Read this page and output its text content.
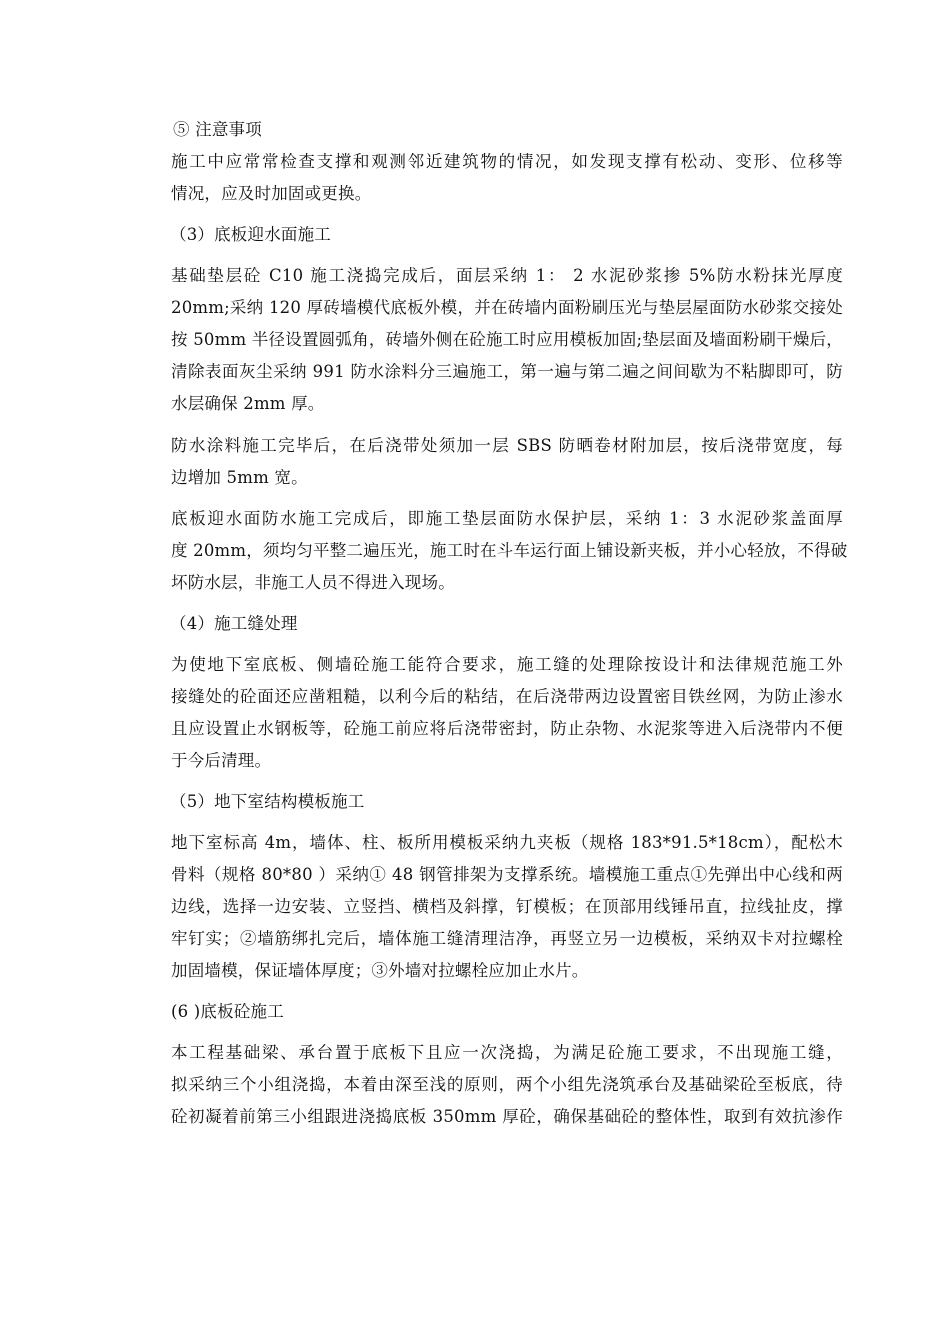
⑤ 注意事项
施工中应常常检查支撑和观测邻近建筑物的情况，如发现支撑有松动、变形、位移等
情况，应及时加固或更换。
（3）底板迎水面施工
基础垫层砼 C10 施工浇捣完成后，面层采纳 1： 2 水泥砂浆掺 5%防水粉抹光厚度
20mm;采纳 120 厚砖墙模代底板外模，并在砖墙内面粉刷压光与垫层屋面防水砂浆交接处
按 50mm 半径设置圆弧角，砖墙外侧在砼施工时应用模板加固;垫层面及墙面粉刷干燥后，
清除表面灰尘采纳 991 防水涂料分三遍施工，第一遍与第二遍之间间歇为不粘脚即可，防
水层确保 2mm 厚。
防水涂料施工完毕后，在后浇带处须加一层 SBS 防晒卷材附加层，按后浇带宽度，每
边增加 5mm 宽。
底板迎水面防水施工完成后，即施工垫层面防水保护层，采纳 1：3 水泥砂浆盖面厚
度 20mm，须均匀平整二遍压光，施工时在斗车运行面上铺设新夹板，并小心轻放，不得破
坏防水层，非施工人员不得进入现场。
（4）施工缝处理
为使地下室底板、侧墙砼施工能符合要求，施工缝的处理除按设计和法律规范施工外
接缝处的砼面还应凿粗糙，以利今后的粘结，在后浇带两边设置密目铁丝网，为防止渗水
且应设置止水钢板等，砼施工前应将后浇带密封，防止杂物、水泥浆等进入后浇带内不便
于今后清理。
（5）地下室结构模板施工
地下室标高 4m，墙体、柱、板所用模板采纳九夹板（规格 183*91.5*18cm），配松木
骨料（规格 80*80 ）采纳① 48 钢管排架为支撑系统。墙模施工重点①先弹出中心线和两
边线，选择一边安装、立竖挡、横档及斜撑，钉模板；在顶部用线锤吊直，拉线扯皮，撑
牢钉实；②墙筋绑扎完后，墙体施工缝清理洁净，再竖立另一边模板，采纳双卡对拉螺栓
加固墙模，保证墙体厚度；③外墙对拉螺栓应加止水片。
(6 )底板砼施工
本工程基础梁、承台置于底板下且应一次浇捣，为满足砼施工要求，不出现施工缝，
拟采纳三个小组浇捣，本着由深至浅的原则，两个小组先浇筑承台及基础梁砼至板底，待
砼初凝着前第三小组跟进浇捣底板 350mm 厚砼，确保基础砼的整体性，取到有效抗渗作
